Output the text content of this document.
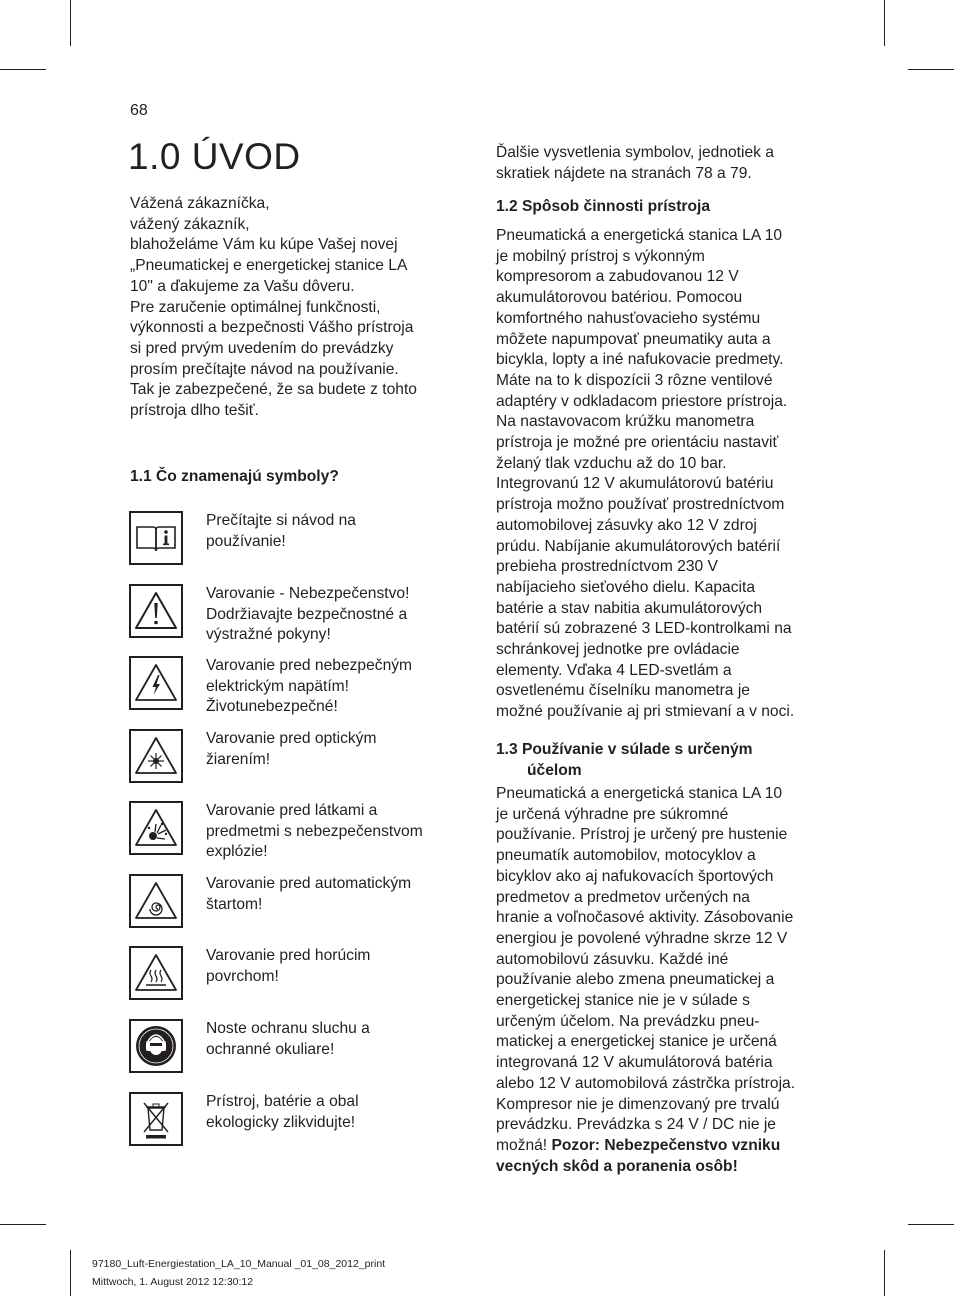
68
1.0 ÚVOD

Vážená zákazníčka,

vážený zákazník,

blahoželáme Vám ku kúpe Vašej novej

„Pneumatickej e energetickej stanice LA

10" a ďakujeme za Vašu dôveru.

Pre zaručenie optimálnej funkčnosti,

výkonnosti a bezpečnosti Vášho prístroja

si pred prvým uvedením do prevádzky

prosím prečítajte návod na používanie.

Tak je zabezpečené, že sa budete z tohto

prístroja dlho tešiť.

1.1 Čo znamenajú symboly?
Prečítajte si návod na
používanie!
Varovanie - Nebezpečenstvo!
Dodržiavajte bezpečnostné a
výstražné pokyny!
Varovanie pred nebezpečným
elektrickým napätím!
Životunebezpečné!
Varovanie pred optickým
žiarením!
Varovanie pred látkami a
predmetmi s nebezpečenstvom
explózie!
Varovanie pred automatickým
štartom!
Varovanie pred horúcim
povrchom!
Noste ochranu sluchu a
ochranné okuliare!
Prístroj, batérie a obal
ekologicky zlikvidujte!

Ďalšie vysvetlenia symbolov, jednotiek a

skratiek nájdete na stranách 78 a 79.

1.2 Spôsob činnosti prístroja

Pneumatická a energetická stanica LA 10

je mobilný prístroj s výkonným

kompresorom a zabudovanou 12 V

akumulátorovou batériou. Pomocou

komfortného nahusťovacieho systému

môžete napumpovať pneumatiky auta a

bicykla, lopty a iné nafukovacie predmety.

Máte na to k dispozícii 3 rôzne ventilové

adaptéry v odkladacom priestore prístroja.

Na nastavovacom krúžku manometra

prístroja je možné pre orientáciu nastaviť

želaný tlak vzduchu až do 10 bar.

Integrovanú 12 V akumulátorovú batériu

prístroja možno používať prostredníctvom

automobilovej zásuvky ako 12 V zdroj

prúdu. Nabíjanie akumulátorových batérií

prebieha prostredníctvom 230 V

nabíjacieho sieťového dielu. Kapacita

batérie a stav nabitia akumulátorových

batérií sú zobrazené 3 LED-kontrolkami na

schránkovej jednotke pre ovládacie

elementy. Vďaka 4 LED-svetlám a

osvetlenému číselníku manometra je

možné používanie aj pri stmievaní a v noci.

1.3 Používanie v súlade s určeným
účelom

Pneumatická a energetická stanica LA 10

je určená výhradne pre súkromné

používanie. Prístroj je určený pre hustenie

pneumatík automobilov, motocyklov a

bicyklov ako aj nafukovacích športových

predmetov a predmetov určených na

hranie a voľnočasové aktivity. Zásobovanie

energiou je povolené výhradne skrze 12 V

automobilovú zásuvku. Každé iné

používanie alebo zmena pneumatickej a

energetickej stanice nie je v súlade s

určeným účelom. Na prevádzku pneu-

matickej a energetickej stanice je určená

integrovaná 12 V akumulátorová batéria

alebo 12 V automobilová zástrčka prístroja.

Kompresor nie je dimenzovaný pre trvalú

prevádzku. Prevádzka s 24 V / DC nie je

možná! Pozor: Nebezpečenstvo vzniku

vecných skôd a poranenia osôb!

97180_Luft-Energiestation_LA_10_Manual _01_08_2012_print
Mittwoch, 1. August 2012 12:30:12
